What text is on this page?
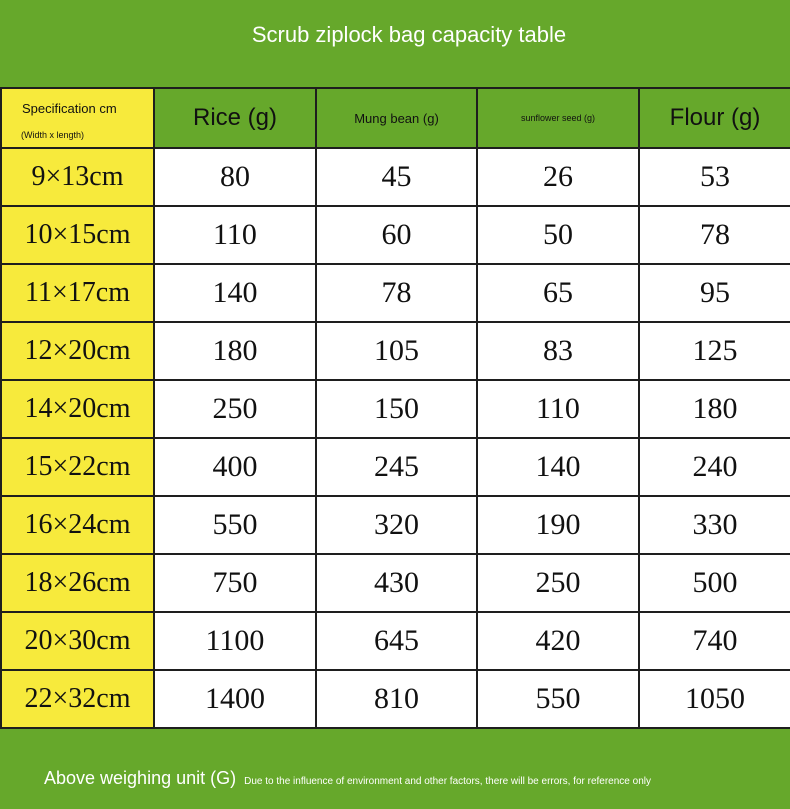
Scrub ziplock bag capacity table
Specification cm
(Width x length)	Rice (g)	Mung bean (g)	sunflower seed (g)	Flour (g)
9×13cm	80	45	26	53
10×15cm	110	60	50	78
11×17cm	140	78	65	95
12×20cm	180	105	83	125
14×20cm	250	150	110	180
15×22cm	400	245	140	240
16×24cm	550	320	190	330
18×26cm	750	430	250	500
20×30cm	1100	645	420	740
22×32cm	1400	810	550	1050
Above weighing unit (G) Due to the influence of environment and other factors, there will be errors, for reference only
